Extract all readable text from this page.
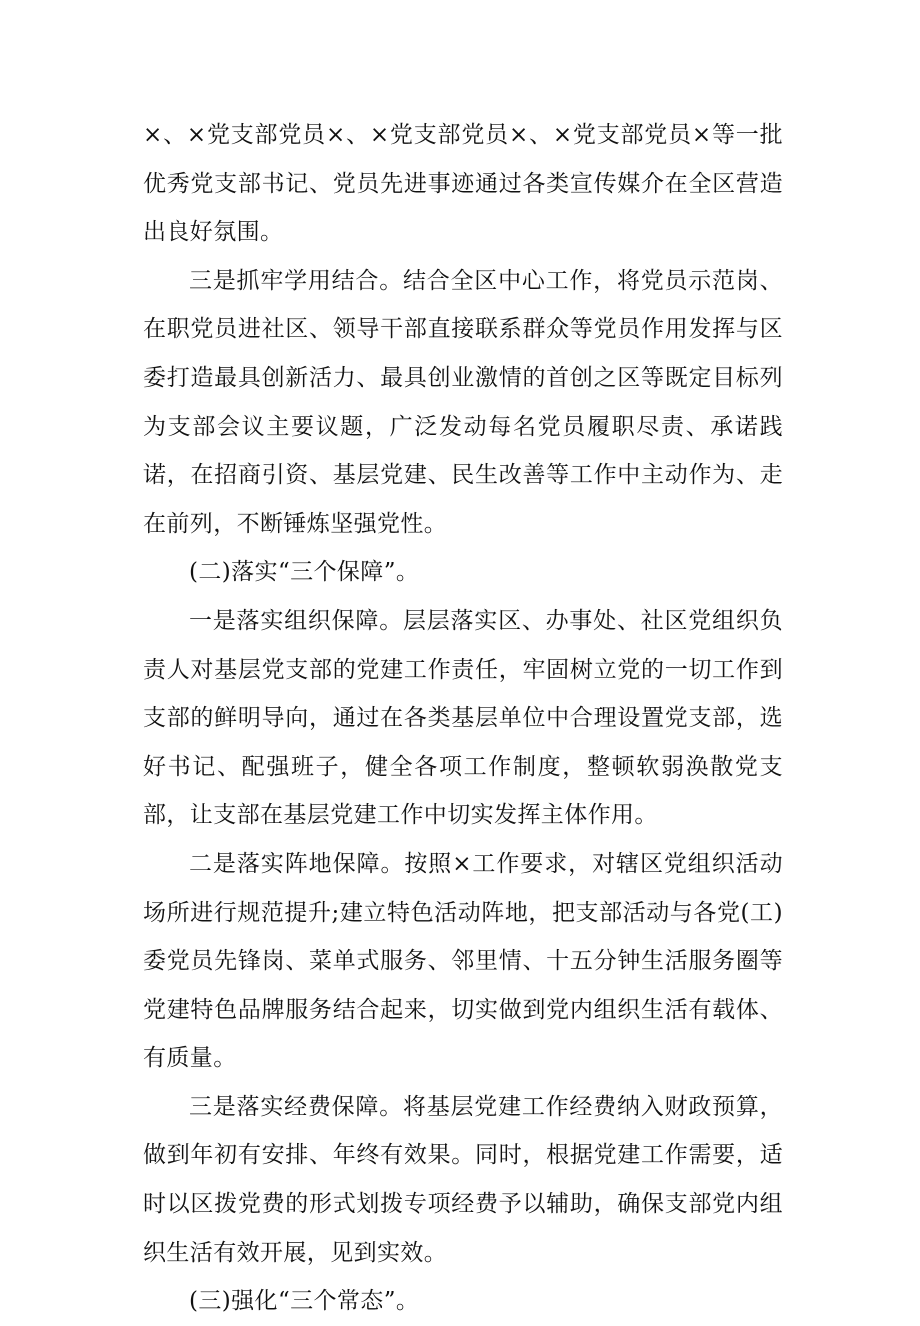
×、×党支部党员×、×党支部党员×、×党支部党员×等一批优秀党支部书记、党员先进事迹通过各类宣传媒介在全区营造出良好氛围。

三是抓牢学用结合。结合全区中心工作，将党员示范岗、在职党员进社区、领导干部直接联系群众等党员作用发挥与区委打造最具创新活力、最具创业激情的首创之区等既定目标列为支部会议主要议题，广泛发动每名党员履职尽责、承诺践诺，在招商引资、基层党建、民生改善等工作中主动作为、走在前列，不断锤炼坚强党性。

(二)落实“三个保障”。

一是落实组织保障。层层落实区、办事处、社区党组织负责人对基层党支部的党建工作责任，牢固树立党的一切工作到支部的鲜明导向，通过在各类基层单位中合理设置党支部，选好书记、配强班子，健全各项工作制度，整顿软弱涣散党支部，让支部在基层党建工作中切实发挥主体作用。

二是落实阵地保障。按照×工作要求，对辖区党组织活动场所进行规范提升;建立特色活动阵地，把支部活动与各党(工)委党员先锋岗、菜单式服务、邻里情、十五分钟生活服务圈等党建特色品牌服务结合起来，切实做到党内组织生活有载体、有质量。

三是落实经费保障。将基层党建工作经费纳入财政预算，做到年初有安排、年终有效果。同时，根据党建工作需要，适时以区拨党费的形式划拨专项经费予以辅助，确保支部党内组织生活有效开展，见到实效。

(三)强化“三个常态”。
